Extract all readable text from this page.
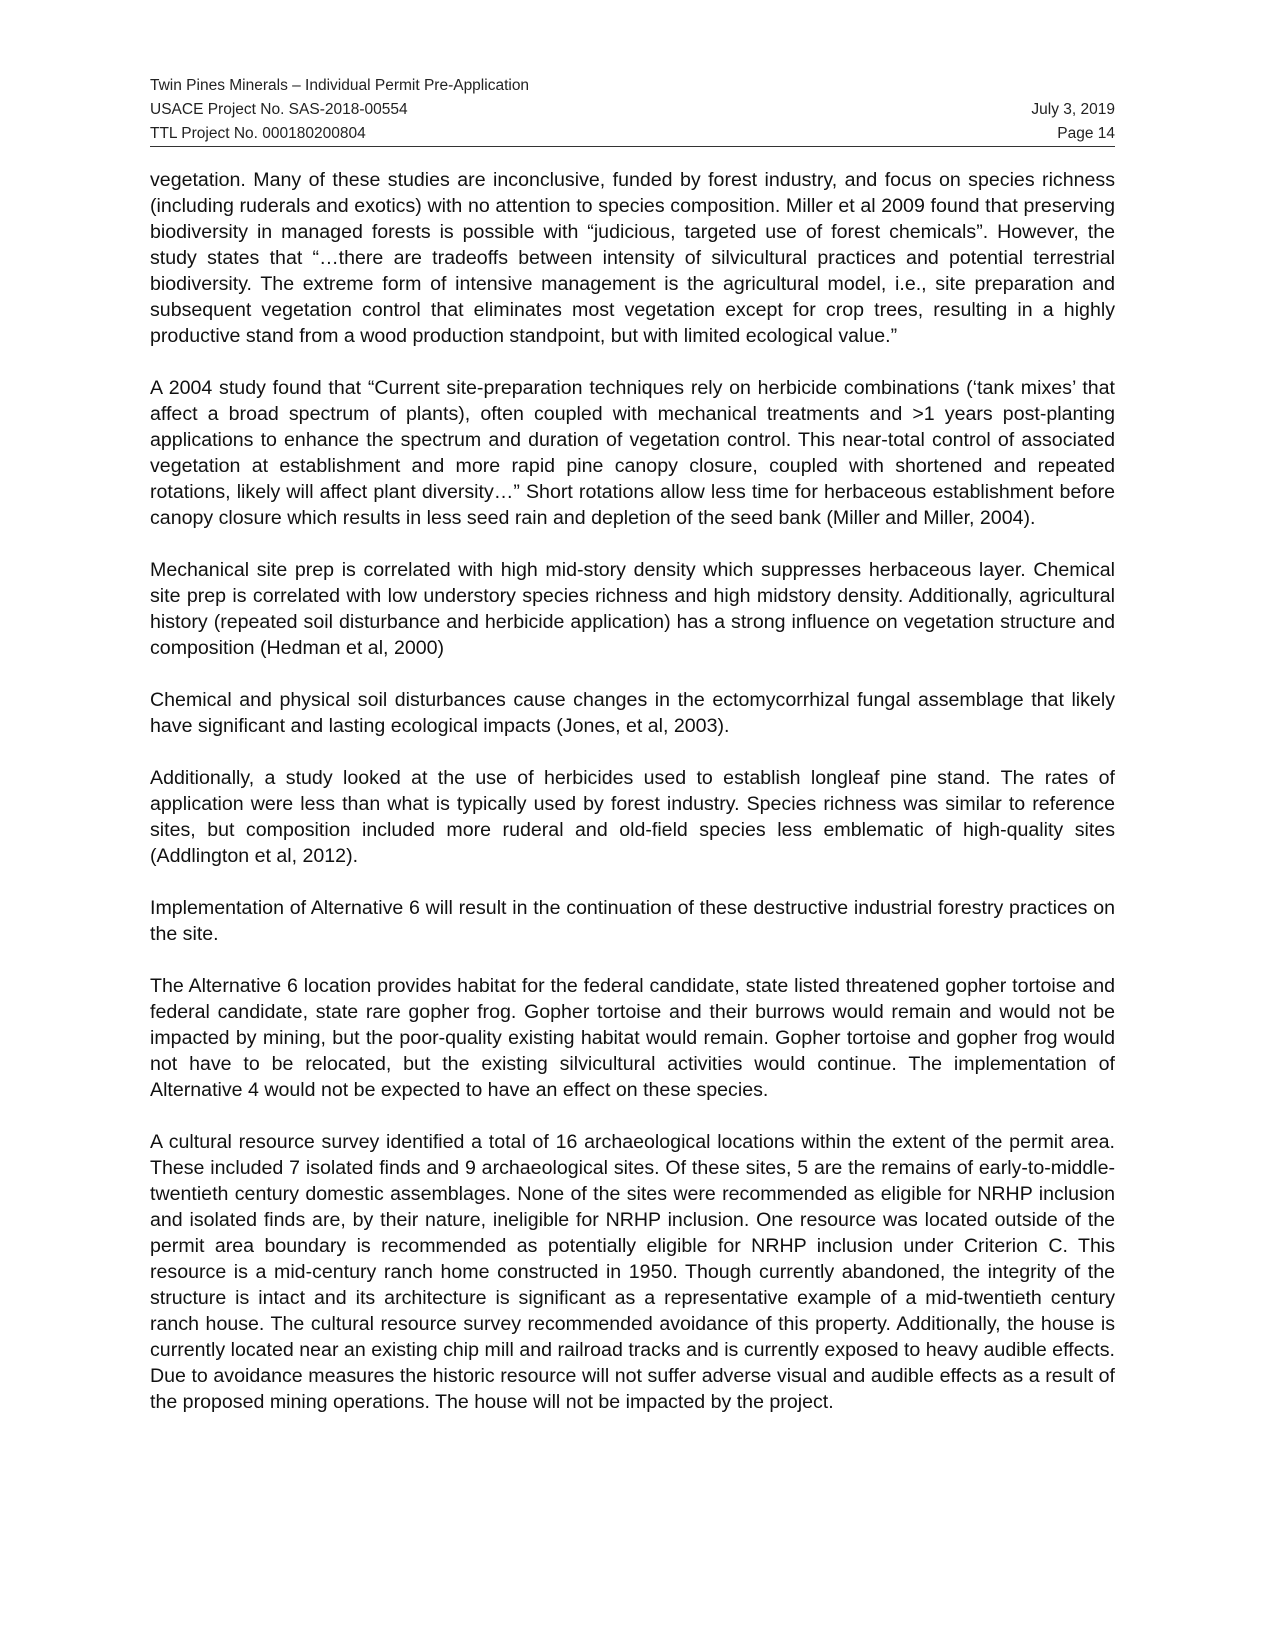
Twin Pines Minerals – Individual Permit Pre-Application
USACE Project No. SAS-2018-00554	July 3, 2019
TTL Project No. 000180200804	Page 14

vegetation. Many of these studies are inconclusive, funded by forest industry, and focus on species richness (including ruderals and exotics) with no attention to species composition. Miller et al 2009 found that preserving biodiversity in managed forests is possible with “judicious, targeted use of forest chemicals”. However, the study states that “…there are tradeoffs between intensity of silvicultural practices and potential terrestrial biodiversity. The extreme form of intensive management is the agricultural model, i.e., site preparation and subsequent vegetation control that eliminates most vegetation except for crop trees, resulting in a highly productive stand from a wood production standpoint, but with limited ecological value.”

A 2004 study found that “Current site-preparation techniques rely on herbicide combinations (‘tank mixes’ that affect a broad spectrum of plants), often coupled with mechanical treatments and >1 years post-planting applications to enhance the spectrum and duration of vegetation control. This near-total control of associated vegetation at establishment and more rapid pine canopy closure, coupled with shortened and repeated rotations, likely will affect plant diversity…” Short rotations allow less time for herbaceous establishment before canopy closure which results in less seed rain and depletion of the seed bank (Miller and Miller, 2004).

Mechanical site prep is correlated with high mid-story density which suppresses herbaceous layer. Chemical site prep is correlated with low understory species richness and high midstory density. Additionally, agricultural history (repeated soil disturbance and herbicide application) has a strong influence on vegetation structure and composition (Hedman et al, 2000)

Chemical and physical soil disturbances cause changes in the ectomycorrhizal fungal assemblage that likely have significant and lasting ecological impacts (Jones, et al, 2003).

Additionally, a study looked at the use of herbicides used to establish longleaf pine stand. The rates of application were less than what is typically used by forest industry. Species richness was similar to reference sites, but composition included more ruderal and old-field species less emblematic of high-quality sites (Addlington et al, 2012).

Implementation of Alternative 6 will result in the continuation of these destructive industrial forestry practices on the site.

The Alternative 6 location provides habitat for the federal candidate, state listed threatened gopher tortoise and federal candidate, state rare gopher frog. Gopher tortoise and their burrows would remain and would not be impacted by mining, but the poor-quality existing habitat would remain. Gopher tortoise and gopher frog would not have to be relocated, but the existing silvicultural activities would continue. The implementation of Alternative 4 would not be expected to have an effect on these species.

A cultural resource survey identified a total of 16 archaeological locations within the extent of the permit area. These included 7 isolated finds and 9 archaeological sites. Of these sites, 5 are the remains of early-to-middle-twentieth century domestic assemblages. None of the sites were recommended as eligible for NRHP inclusion and isolated finds are, by their nature, ineligible for NRHP inclusion. One resource was located outside of the permit area boundary is recommended as potentially eligible for NRHP inclusion under Criterion C. This resource is a mid-century ranch home constructed in 1950. Though currently abandoned, the integrity of the structure is intact and its architecture is significant as a representative example of a mid-twentieth century ranch house. The cultural resource survey recommended avoidance of this property. Additionally, the house is currently located near an existing chip mill and railroad tracks and is currently exposed to heavy audible effects. Due to avoidance measures the historic resource will not suffer adverse visual and audible effects as a result of the proposed mining operations. The house will not be impacted by the project.
